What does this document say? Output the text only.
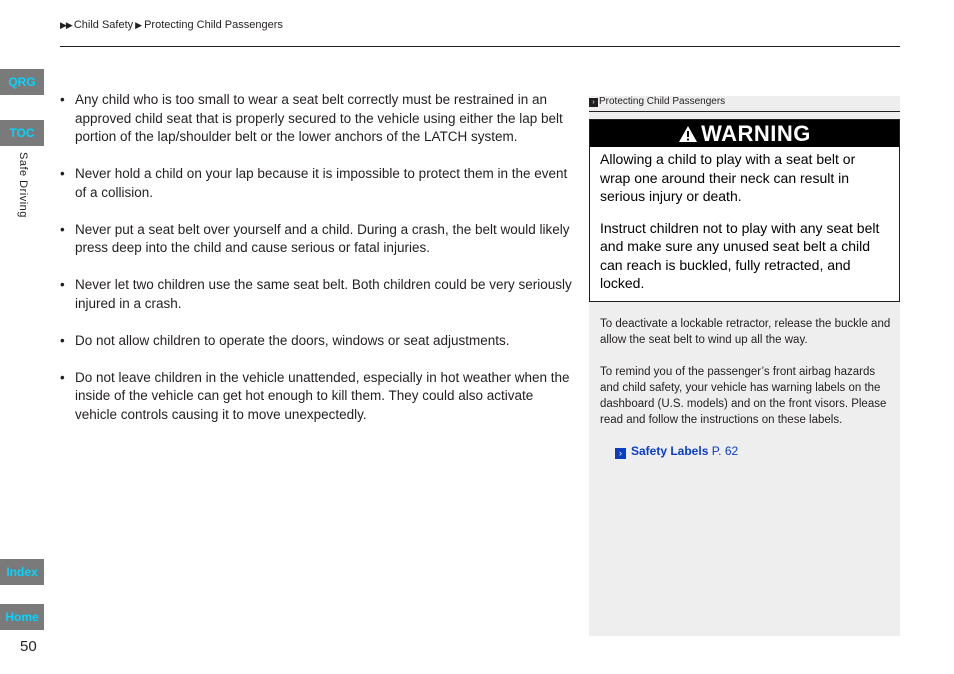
▶▶ Child Safety ▶ Protecting Child Passengers
QRG
TOC
Safe Driving
Index
Home
50
• Any child who is too small to wear a seat belt correctly must be restrained in an approved child seat that is properly secured to the vehicle using either the lap belt portion of the lap/shoulder belt or the lower anchors of the LATCH system.
• Never hold a child on your lap because it is impossible to protect them in the event of a collision.
• Never put a seat belt over yourself and a child. During a crash, the belt would likely press deep into the child and cause serious or fatal injuries.
• Never let two children use the same seat belt. Both children could be very seriously injured in a crash.
• Do not allow children to operate the doors, windows or seat adjustments.
• Do not leave children in the vehicle unattended, especially in hot weather when the inside of the vehicle can get hot enough to kill them. They could also activate vehicle controls causing it to move unexpectedly.
› Protecting Child Passengers
WARNING

Allowing a child to play with a seat belt or wrap one around their neck can result in serious injury or death.

Instruct children not to play with any seat belt and make sure any unused seat belt a child can reach is buckled, fully retracted, and locked.

To deactivate a lockable retractor, release the buckle and allow the seat belt to wind up all the way.
To remind you of the passenger’s front airbag hazards and child safety, your vehicle has warning labels on the dashboard (U.S. models) and on the front visors. Please read and follow the instructions on these labels.
› Safety Labels P. 62
